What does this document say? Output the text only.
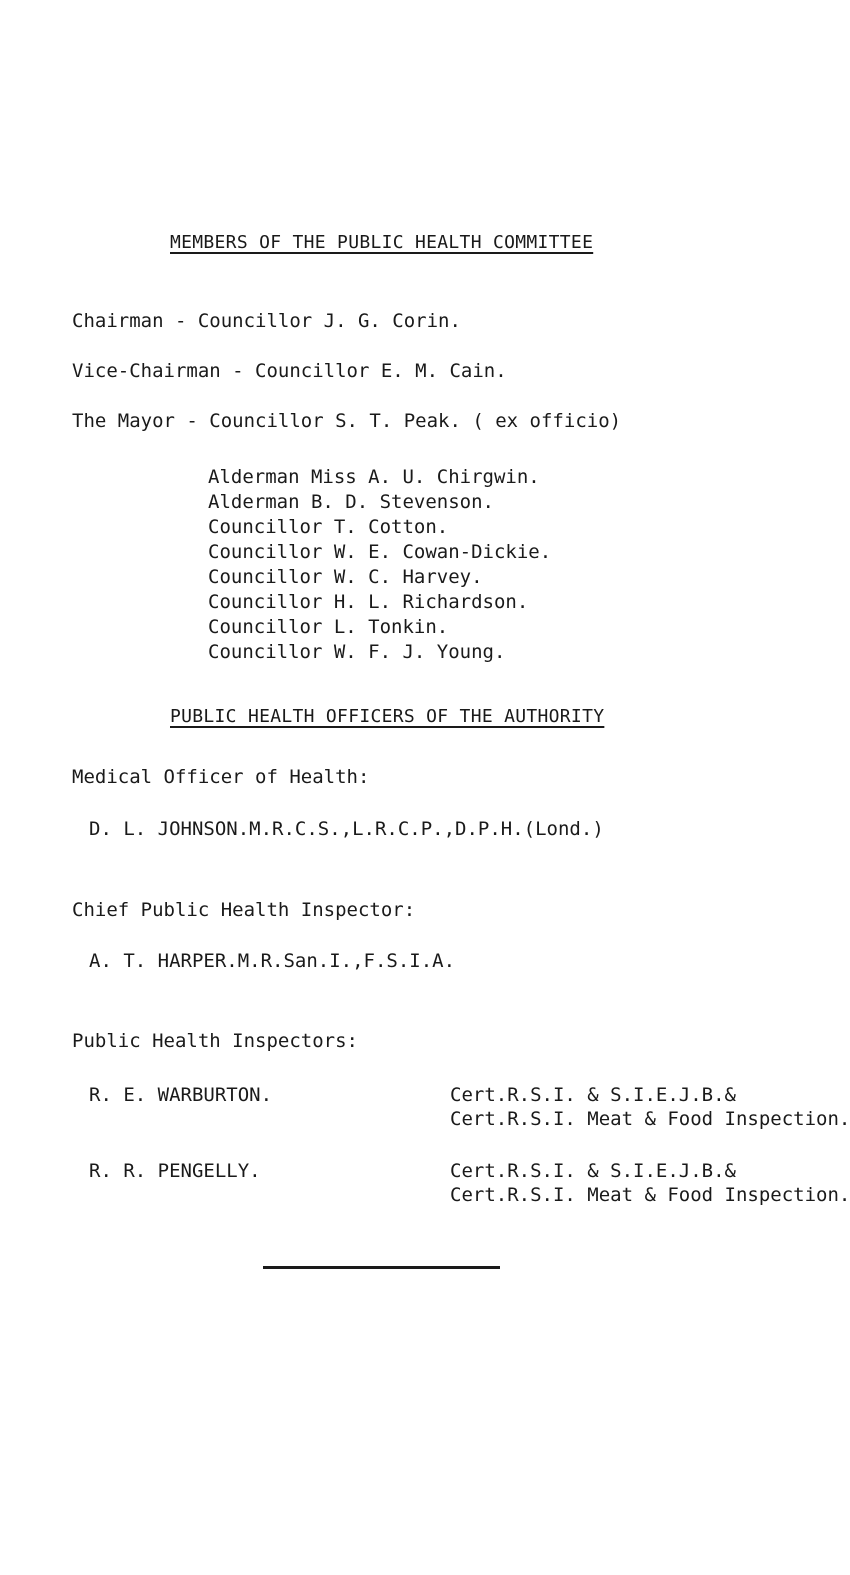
MEMBERS OF THE PUBLIC HEALTH COMMITTEE
Chairman - Councillor J. G. Corin.
Vice-Chairman - Councillor E. M. Cain.
The Mayor - Councillor S. T. Peak. ( ex officio)
Alderman Miss A. U. Chirgwin.
Alderman B. D. Stevenson.
Councillor T. Cotton.
Councillor W. E. Cowan-Dickie.
Councillor W. C. Harvey.
Councillor H. L. Richardson.
Councillor L. Tonkin.
Councillor W. F. J. Young.
PUBLIC HEALTH OFFICERS OF THE AUTHORITY
Medical Officer of Health:
D. L. JOHNSON.M.R.C.S.,L.R.C.P.,D.P.H.(Lond.)
Chief Public Health Inspector:
A. T. HARPER.M.R.San.I.,F.S.I.A.
Public Health Inspectors:
R. E. WARBURTON.	Cert.R.S.I. & S.I.E.J.B.&
Cert.R.S.I. Meat & Food Inspection.
R. R. PENGELLY.	Cert.R.S.I. & S.I.E.J.B.&
Cert.R.S.I. Meat & Food Inspection.
